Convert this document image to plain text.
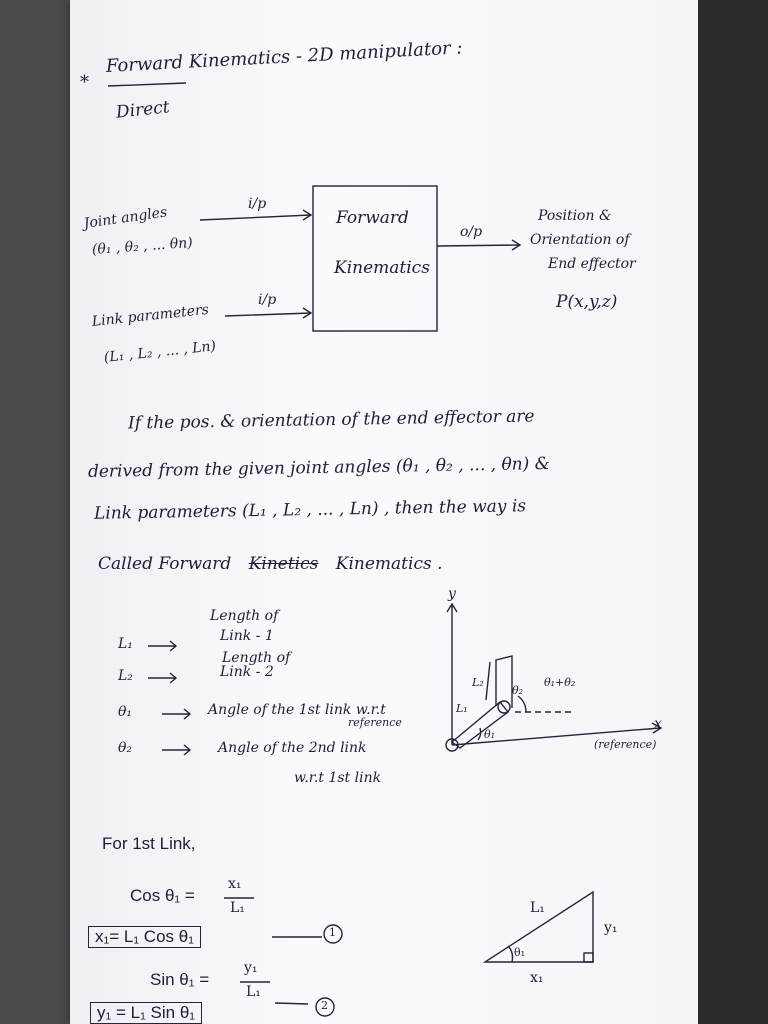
*
Forward Kinematics - 2D manipulator :
Direct
Joint angles
(θ₁ , θ₂ , ... θn)
i/p
Link parameters
(L₁ , L₂ , ... , Ln)
i/p
Forward
Kinematics
o/p
Position &
Orientation of
End effector
P(x,y,z)
If the pos. & orientation of the end effector are
derived from the given joint angles (θ₁ , θ₂ , ... , θn) &
Link parameters (L₁ , L₂ , ... , Ln) , then the way is
Called Forward Kinetics Kinematics .
L₁
Length of
Link - 1
L₂
Length of
Link - 2
θ₁	Angle of the 1st link w.r.t
reference
θ₂	Angle of the 2nd link
w.r.t 1st link
y
x
(reference)
L₁
L₂
θ₁
θ₂
θ₁+θ₂
For 1st Link,
Cos θ₁ =
x₁
L₁
x₁= L₁ Cos θ₁	1
Sin θ₁ =
y₁
L₁
y₁ = L₁ Sin θ₁	2
L₁
y₁
x₁
θ₁
